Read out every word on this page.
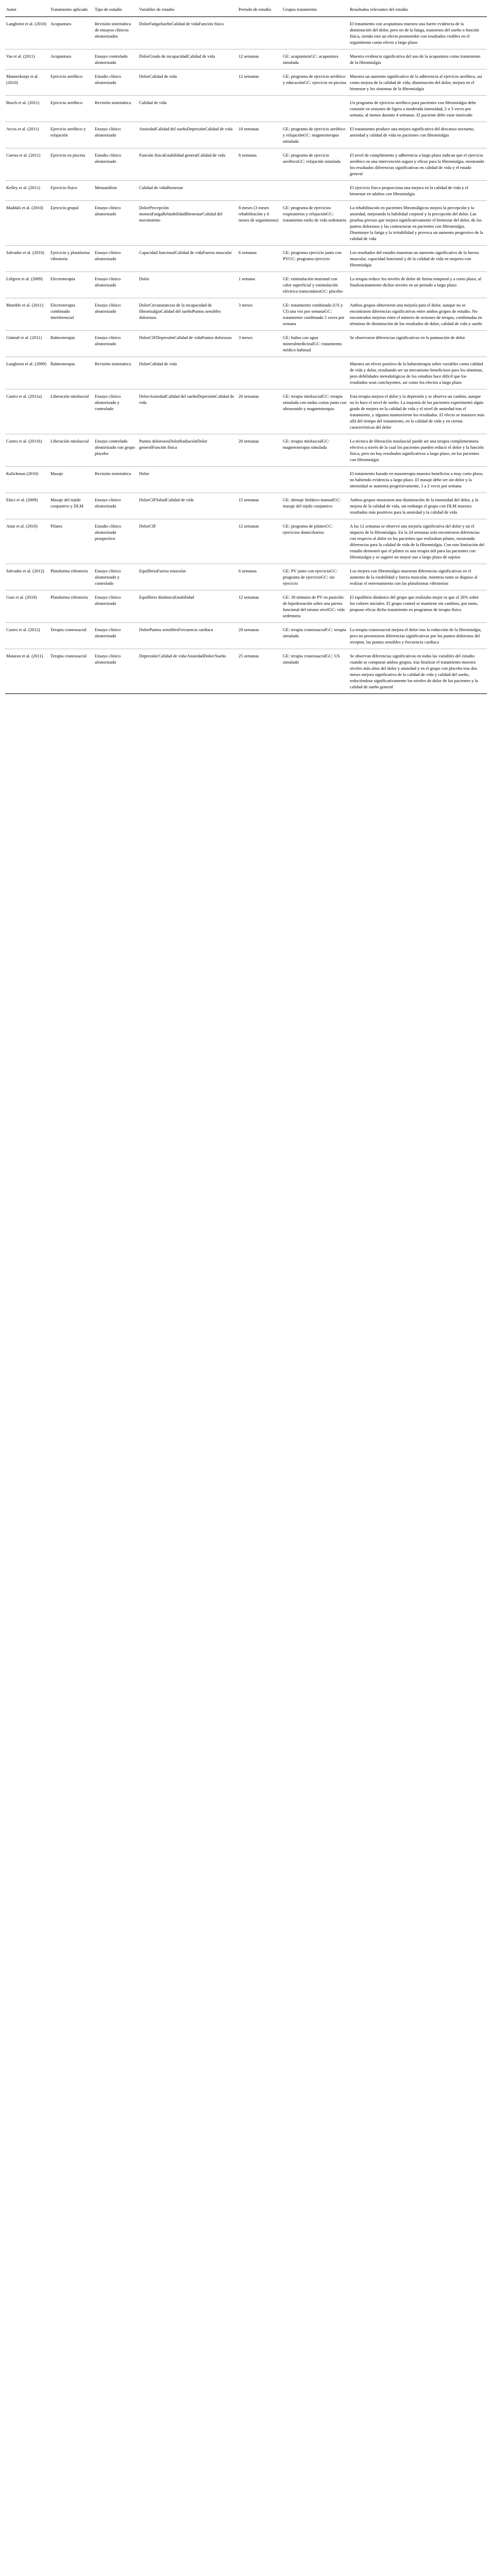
Autor	Tratamiento aplicado	Tipo de estudio	Variables de estudio	Periodo de estudio	Grupos tratamiento	Resultados relevantes del estudio
Langhorst et al. (2010)	Acupuntura	Revisión sistemática de ensayos clínicos aleatorizados	DolorFatigaSueñoCalidad de vidaFunción física			El tratamiento con acupuntura muestra una fuerte evidencia de la disminución del dolor, pero no de la fatiga, trastornos del sueño o función física, siendo este un efecto prometedor con resultados visibles en el seguimiento como efecto a largo plazo
Vas et al. (2011)	Acupuntura	Ensayo controlado aleatorizado	DolorGrado de incapacidadCalidad de vida	12 semanas	GE: acupunturaGC: acupuntura simulada	Muestra evidencia significativa del uso de la acupuntura como tratamiento de la fibromialgia
Mannerkorpi et al. (2010)	Ejercicio aeróbico	Estudio clínico aleatorizado	DolorCalidad de vida	12 semanas	GE: programa de ejercicio aeróbico y educaciónGC: ejercicio en piscina	Muestra un aumento significativo de la adherencia al ejercicio aeróbico, así como mejora de la calidad de vida; disminución del dolor, mejora en el bienestar y los síntomas de la fibromialgia
Busch et al. (2011)	Ejercicio aeróbico	Revisión sistemática	Calidad de vida			Un programa de ejercicio aeróbico para pacientes con fibromialgia debe consistir en sesiones de ligera a moderada intensidad, 2 o 3 veces por semana, al menos durante 4 semanas. El paciente debe estar motivado
Arcos et al. (2011)	Ejercicio aeróbico y relajación	Ensayo clínico aleatorizado	AnsiedadCalidad del sueñoDepresiónCalidad de vida	10 semanas	GE: programa de ejercicio aeróbico y relajaciónGC: magnetoterapia simulada	El tratamiento produce una mejora significativa del descanso nocturno, ansiedad y calidad de vida en pacientes con fibromialgia
Cuesta et al. (2011)	Ejercicio en piscina	Estudio clínico aleatorizado	Función físicaEstabilidad generalCalidad de vida	8 semanas	GE: programa de ejercicio aeróbicoGC: relajación simulada	El nivel de cumplimiento y adherencia a largo plazo indican que el ejercicio aeróbico en una intervención segura y eficaz para la fibromialgia, mostrando los resultados diferencias significativas en calidad de vida y el estado general
Kelley et al. (2011)	Ejercicio físico	Metaanálisis	Calidad de vidaBienestar			El ejercicio físico proporciona una mejora en la calidad de vida y el bienestar en adultos con fibromialgia
Maddali et al. (2010)	Ejercicio grupal	Ensayo clínico aleatorizado	DolorPercepción motoraFatigaRelatabilidadBienestarCalidad del movimiento	8 meses (3 meses rehabilitación y 6 meses de seguimiento)	GE: programa de ejercicios respiratorios y relajaciónGC: tratamiento estilo de vida sedentario	La rehabilitación en pacientes fibromiálgicos mejora la percepción y la ansiedad, mejorando la habilidad corporal y la percepción del dolor. Las pruebas previas que mejora significativamente el bienestar del dolor, de los puntos dolorosos y las contracturas en pacientes con fibromialgia. Disminuye la fatiga y la irritabilidad y provoca un aumento progresivo de la calidad de vida
Salvador et al. (2010)	Ejercicio y plataforma vibratoria	Ensayo clínico aleatorizado	Capacidad funcionalCalidad de vidaFuerza muscular	6 semanas	GE: programa ejercicio junto con PVGC: programa ejercicio	Los resultados del estudio muestran un aumento significativo de la fuerza muscular, capacidad funcional y de la calidad de vida en mujeres con fibromialgia
Löfgren et al. (2009)	Electroterapia	Ensayo clínico aleatorizado	Dolor	1 semana	GE: estimulación neuronal con calor superficial y estimulación eléctrica transcutáneaGC: placebo	La terapia reduce los niveles de dolor de forma temporal y a corto plazo, al finalizaratamiento dichos niveles en un periodo a largo plazo
Mumble et al. (2011)	Electroterapia combinado interferencial	Ensayo clínico aleatorizado	DolorCircunstancias de la incapacidad de fibromialgiaCalidad del sueñoPuntos sensibles dolorosos	3 meses	GE: tratamiento combinado (US y CI) una vez por semanaGC: tratamiento combinado 5 veces por semana	Ambos grupos obtuvieron una mejoría para el dolor, aunque no se encontraron diferencias significativas entre ambos grupos de estudio. No encontrados mejoras entre el número de sesiones de terapia, combinadas en términos de disminución de los resultados de dolor, calidad de vida y sueño
Güntutl et al. (2011)	Balneoterapia	Ensayo clínico aleatorizado	DolorCIFDepresiónCalidad de vidaPuntos dolorosos	3 meses	GE: baños con agua mineralmedicinalGC: tratamiento médico habitual	Se observaron diferencias significativas en la puntuación de dolor
Langhorst et al. (2009)	Balneoterapia	Revisión sistemática	DolorCalidad de vida			Muestra un efecto positivo de la balneoterapia sobre variables como calidad de vida y dolor, resultando ser un mecanismo beneficioso para los síntomas, pero debilidades metodológicas de los estudios hace difícil que los resultados sean concluyentes, así como los efectos a largo plazo
Castro et al. (2011a)	Liberación miofascial	Ensayo clínico aleatorizado y controlado	DolorAnsiedadCalidad del sueñoDepresiónCalidad de vida	20 semanas	GE: terapia miofascialGC: terapia simulada con ondas cortas junto con ultrasonido y magnetoterapia	Esta terapia mejora el dolor y la depresión y se observa un cambio, aunque no lo hace el nivel de sueño. La mayoría de los pacientes experimentó algún grado de mejora en la calidad de vida y el nivel de ansiedad tras el tratamiento, y algunos mantuvieron los resultados. El efecto se mantuvo más allá del tiempo del tratamiento, en la calidad de vida y en ciertas características del dolor
Castro et al. (2011b)	Liberación miofascial	Ensayo controlado aleatorizado con grupo placebo	Puntos dolorososDolorRadiaciónDolor generalFunción física	20 semanas	GE: terapia miofascialGC: magnetoterapia simulada	La técnica de liberación miofascial puede ser una terapia complementaria efectiva a través de la cual los pacientes pueden reducir el dolor y la función física, pero no hay resultados significativos a largo plazo, en los pacientes con fibromialgia
Kalichman (2010)	Masaje	Revisión sistemática	Dolor			El tratamiento basado en masoterapia muestra beneficios a muy corto plazo, no habiendo evidencia a largo plazo. El masaje debe ser sin dolor y la intensidad se aumenta progresivamente, 1 a 2 veces por semana
Ekici et al. (2009)	Masaje del tejido conjuntivo y DLM	Ensayo clínico aleatorizado	DolorCIFSaludCalidad de vida	15 semanas	GE: drenaje linfático manualGC: masaje del tejido conjuntivo	Ambos grupos mostraron una disminución de la intensidad del dolor, y la mejora de la calidad de vida, sin embargo el grupo con DLM muestra resultados más positivos para la ansiedad y la calidad de vida
Attar et al. (2010)	Pilates	Estudio clínico aleatorizado prospectivo	DolorCIF	12 semanas	GE: programa de pilatesGC: ejercicios domiciliarios	A las 12 semanas se observó una mejoría significativa del dolor y un el impacto de la fibromialgia. En la 24 semanas solo encontraron diferencias con respecto al dolor en los pacientes que realizaban pilates, mostrando diferencias para la calidad de vida de la fibromialgia. Con este limitación del estudio demostró que el pilates es una terapia útil para las pacientes con fibromialgia y se sugiere un mayor uso a largo plazo de sujetos
Salvador et al. (2012)	Plataforma vibratoria	Ensayo clínico aleatorizado y controlado	EquilibrioFuerza muscular	6 semanas	GE: PV junto con ejercicioGC: programa de ejercicioGC: sin ejercicio	Los mejora con fibromialgia muestran diferencias significativas en el aumento de la estabilidad y fuerza muscular, mientras tanto se dispuso al realizar el entrenamiento con las plataformas vibratorias
Gusi et al. (2010)	Plataforma vibratoria	Ensayo clínico aleatorizado	Equilibrio dinámicoEstabilidad	12 semanas	GE: 30 minutos de PV en posición de bipedestación sobre una pierna funcional del mismo nivelGC: vida sedentaria	El equilibrio dinámico del grupo que realizaba mejor es que el 26% sobre los valores iniciales. El grupo control se mantiene sin cambios, por tanto, propone eficaz dicho tratamiento en programas de terapia física
Castro et al. (2012)	Terapia craneosacral	Ensayo clínico aleatorizado	DolorPuntos sensiblesFrecuencia cardíaca	20 semanas	GE: terapia craneosacralGC: terapia simulada	La terapia craneosacral mejora el dolor tras la reducción de la fibromialgia, pero no presentaron diferencias significativas por los puntos dolorosos del receptor, las puntos sensibles y frecuencia cardíaca
Mataran et al. (2011)	Terapia craneosacral	Ensayo clínico aleatorizado	Depresión/Calidad de vida/AnsiedadDolor/Sueño	25 semanas	GE: terapia craneosacralGC: US simulado	Se observan diferencias significativas en todas las variables del estudio cuando se comparan ambos grupos, tras finalizar el tratamiento muestra niveles más altos del dolor y ansiedad y en el grupo con placebo tras dos meses mejora significativa de la calidad de vida y calidad del sueño, reduciéndose significativamente los niveles de dolor de los pacientes y la calidad de sueño general
